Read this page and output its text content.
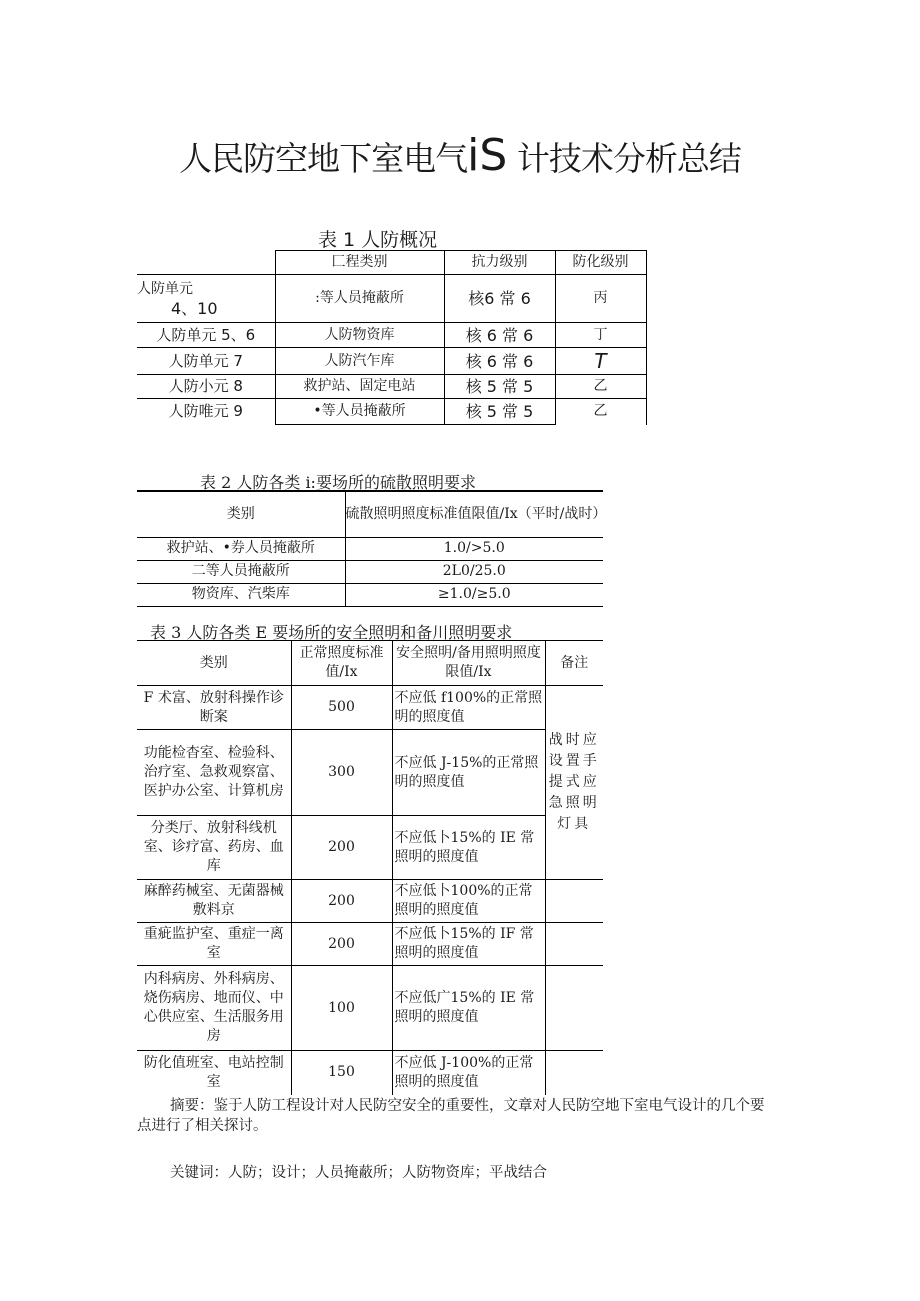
人民防空地下室电气iS 计技术分析总结
表 1 人防概况
	匚程类别	抗力级别	防化级别

人防单元
4、10	:等人员掩蔽所	核6 常 6	丙
人防单元 5、6	人防物资库	核 6 常 6	丁
人防单元 7	人防汽乍库	核 6 常 6	T
人防小元 8	救护站、固定电站	核 5 常 5	乙
人防唯元 9	•等人员掩蔽所	核 5 常 5	乙
表 2 人防各类 i:要场所的硫散照明要求
类别	硫散照明照度标准值限值/Ix（平时/战时）
救护站、•券人员掩蔽所	1.0/>5.0
二等人员掩蔽所	2L0/25.0
物资库、汽柴库	≥1.0/≥5.0
表 3 人防各类 E 要场所的安全照明和备川照明要求
类别	正常照度标准值/Ix	安全照明/备用照明照度限值/Ix	备注
F 术富、放射科操作诊断案	500	不应低 f100%的正常照明的照度值	战时应设置手提式应急照明灯具
功能检杳室、检验科、治疗室、急救观察富、医护办公室、计算机房	300	不应低 J-15%的正常照明的照度值	
分类厅、放射科线机室、诊疗富、药房、血库	200	不应低卜15%的 IE 常照明的照度值	
麻醉药械室、无菌器械敷料京	200	不应低卜100%的正常照明的照度值	
重疵监护室、重症一离室	200	不应低卜15%的 IF 常照明的照度值	
内科病房、外科病房、烧伤病房、地而仪、中心供应室、生活服务用房	100	不应低广15%的 IE 常照明的照度值	
防化值班室、电站控制室	150	不应低 J-100%的正常照明的照度值	
摘要：鉴于人防工程设计对人民防空安全的重要性，文章对人民防空地下室电气设计的几个要点进行了相关探讨。
关键词：人防；设计；人员掩蔽所；人防物资库；平战结合
